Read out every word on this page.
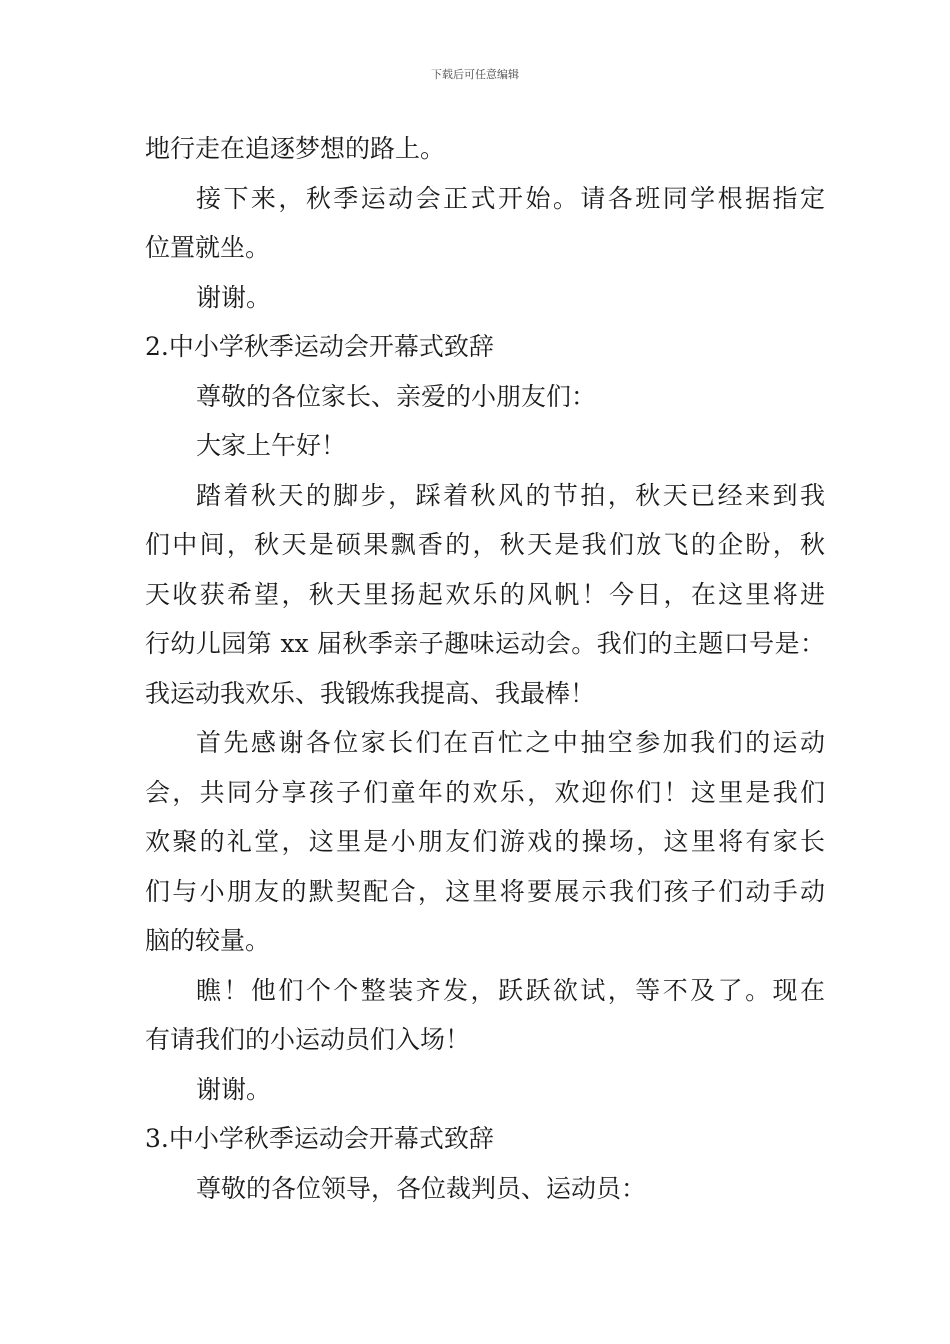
下载后可任意编辑

地行走在追逐梦想的路上。

接下来，秋季运动会正式开始。请各班同学根据指定

位置就坐。

谢谢。

2.中小学秋季运动会开幕式致辞

尊敬的各位家长、亲爱的小朋友们：

大家上午好！

踏着秋天的脚步，踩着秋风的节拍，秋天已经来到我

们中间，秋天是硕果飘香的，秋天是我们放飞的企盼，秋

天收获希望，秋天里扬起欢乐的风帆！今日，在这里将进

行幼儿园第 xx 届秋季亲子趣味运动会。我们的主题口号是：

我运动我欢乐、我锻炼我提高、我最棒！

首先感谢各位家长们在百忙之中抽空参加我们的运动

会，共同分享孩子们童年的欢乐，欢迎你们！这里是我们

欢聚的礼堂，这里是小朋友们游戏的操场，这里将有家长

们与小朋友的默契配合，这里将要展示我们孩子们动手动

脑的较量。

瞧！他们个个整装齐发，跃跃欲试，等不及了。现在

有请我们的小运动员们入场！

谢谢。

3.中小学秋季运动会开幕式致辞

尊敬的各位领导，各位裁判员、运动员：
